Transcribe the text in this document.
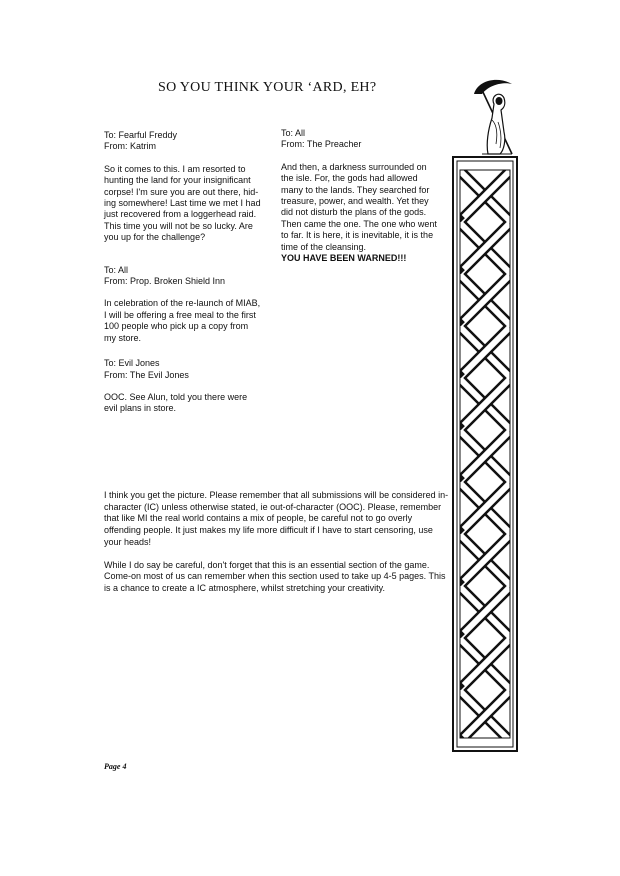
SO YOU THINK YOUR ‘ARD, EH?

To: Fearful Freddy

From: Katrim

So it comes to this. I am resorted to

hunting the land for your insignificant

corpse! I'm sure you are out there, hid-

ing somewhere! Last time we met I had

just recovered from a loggerhead raid.

This time you will not be so lucky. Are

you up for the challenge?

To: All

From: Prop. Broken Shield Inn

In celebration of the re-launch of MIAB,

I will be offering a free meal to the first

100 people who pick up a copy from

my store.

To: Evil Jones

From: The Evil Jones

OOC. See Alun, told you there were

evil plans in store.

To: All

From: The Preacher

And then, a darkness surrounded on

the isle. For, the gods had allowed

many to the lands. They searched for

treasure, power, and wealth. Yet they

did not disturb the plans of the gods.

Then came the one. The one who went

to far. It is here, it is inevitable, it is the

time of the cleansing.

YOU HAVE BEEN WARNED!!!

I think you get the picture. Please remember that all submissions will be considered in-character (IC) unless otherwise stated, ie out-of-character (OOC). Please, remember that like MI the real world contains a mix of people, be careful not to go overly offending people. It just makes my life more difficult if I have to start censoring, use your heads!

While I do say be careful, don't forget that this is an essential section of the game. Come-on most of us can remember when this section used to take up 4-5 pages. This is a chance to create a IC atmosphere, whilst stretching your creativity.

Page 4
